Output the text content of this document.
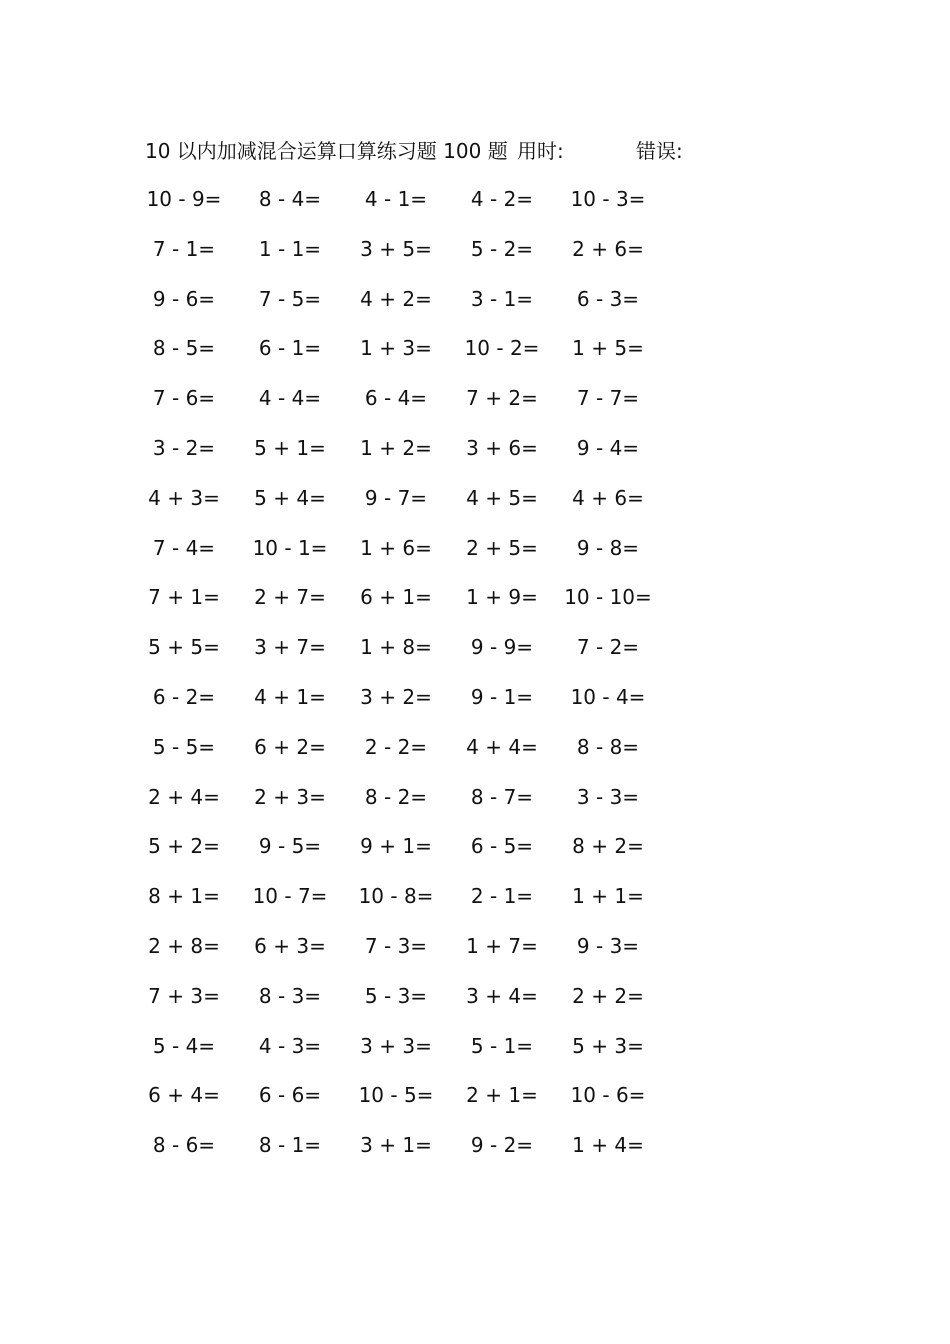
10 以内加减混合运算口算练习题 100 题 用时:	错误:
10 - 9=	8 - 4=	4 - 1=	4 - 2=	10 - 3=
7 - 1=	1 - 1=	3 + 5=	5 - 2=	2 + 6=
9 - 6=	7 - 5=	4 + 2=	3 - 1=	6 - 3=
8 - 5=	6 - 1=	1 + 3=	10 - 2=	1 + 5=
7 - 6=	4 - 4=	6 - 4=	7 + 2=	7 - 7=
3 - 2=	5 + 1=	1 + 2=	3 + 6=	9 - 4=
4 + 3=	5 + 4=	9 - 7=	4 + 5=	4 + 6=
7 - 4=	10 - 1=	1 + 6=	2 + 5=	9 - 8=
7 + 1=	2 + 7=	6 + 1=	1 + 9=	10 - 10=
5 + 5=	3 + 7=	1 + 8=	9 - 9=	7 - 2=
6 - 2=	4 + 1=	3 + 2=	9 - 1=	10 - 4=
5 - 5=	6 + 2=	2 - 2=	4 + 4=	8 - 8=
2 + 4=	2 + 3=	8 - 2=	8 - 7=	3 - 3=
5 + 2=	9 - 5=	9 + 1=	6 - 5=	8 + 2=
8 + 1=	10 - 7=	10 - 8=	2 - 1=	1 + 1=
2 + 8=	6 + 3=	7 - 3=	1 + 7=	9 - 3=
7 + 3=	8 - 3=	5 - 3=	3 + 4=	2 + 2=
5 - 4=	4 - 3=	3 + 3=	5 - 1=	5 + 3=
6 + 4=	6 - 6=	10 - 5=	2 + 1=	10 - 6=
8 - 6=	8 - 1=	3 + 1=	9 - 2=	1 + 4=
